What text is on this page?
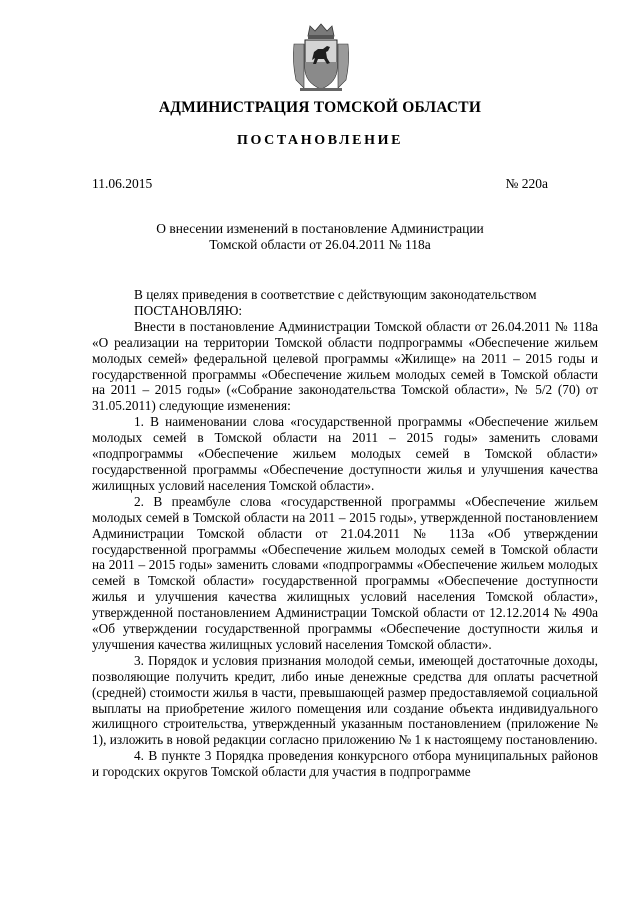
АДМИНИСТРАЦИЯ ТОМСКОЙ ОБЛАСТИ
ПОСТАНОВЛЕНИЕ
11.06.2015	№ 220а
О внесении изменений в постановление Администрации
Томской области от 26.04.2011 № 118а

В целях приведения в соответствие с действующим законодательством

ПОСТАНОВЛЯЮ:

Внести в постановление Администрации Томской области от 26.04.2011 № 118а «О реализации на территории Томской области подпрограммы «Обеспечение жильем молодых семей» федеральной целевой программы «Жилище» на 2011 – 2015 годы и государственной программы «Обеспечение жильем молодых семей в Томской области на 2011 – 2015 годы» («Собрание законодательства Томской области», № 5/2 (70) от 31.05.2011) следующие изменения:

1. В наименовании слова «государственной программы «Обеспечение жильем молодых семей в Томской области на 2011 – 2015 годы» заменить словами «подпрограммы «Обеспечение жильем молодых семей в Томской области» государственной программы «Обеспечение доступности жилья и улучшения качества жилищных условий населения Томской области».

2. В преамбуле слова «государственной программы «Обеспечение жильем молодых семей в Томской области на 2011 – 2015 годы», утвержденной постановлением Администрации Томской области от 21.04.2011 № 113а «Об утверждении государственной программы «Обеспечение жильем молодых семей в Томской области на 2011 – 2015 годы» заменить словами «подпрограммы «Обеспечение жильем молодых семей в Томской области» государственной программы «Обеспечение доступности жилья и улучшения качества жилищных условий населения Томской области», утвержденной постановлением Администрации Томской области от 12.12.2014 № 490а «Об утверждении государственной программы «Обеспечение доступности жилья и улучшения качества жилищных условий населения Томской области».

3. Порядок и условия признания молодой семьи, имеющей достаточные доходы, позволяющие получить кредит, либо иные денежные средства для оплаты расчетной (средней) стоимости жилья в части, превышающей размер предоставляемой социальной выплаты на приобретение жилого помещения или создание объекта индивидуального жилищного строительства, утвержденный указанным постановлением (приложение № 1), изложить в новой редакции согласно приложению № 1 к настоящему постановлению.

4. В пункте 3 Порядка проведения конкурсного отбора муниципальных районов и городских округов Томской области для участия в подпрограмме
